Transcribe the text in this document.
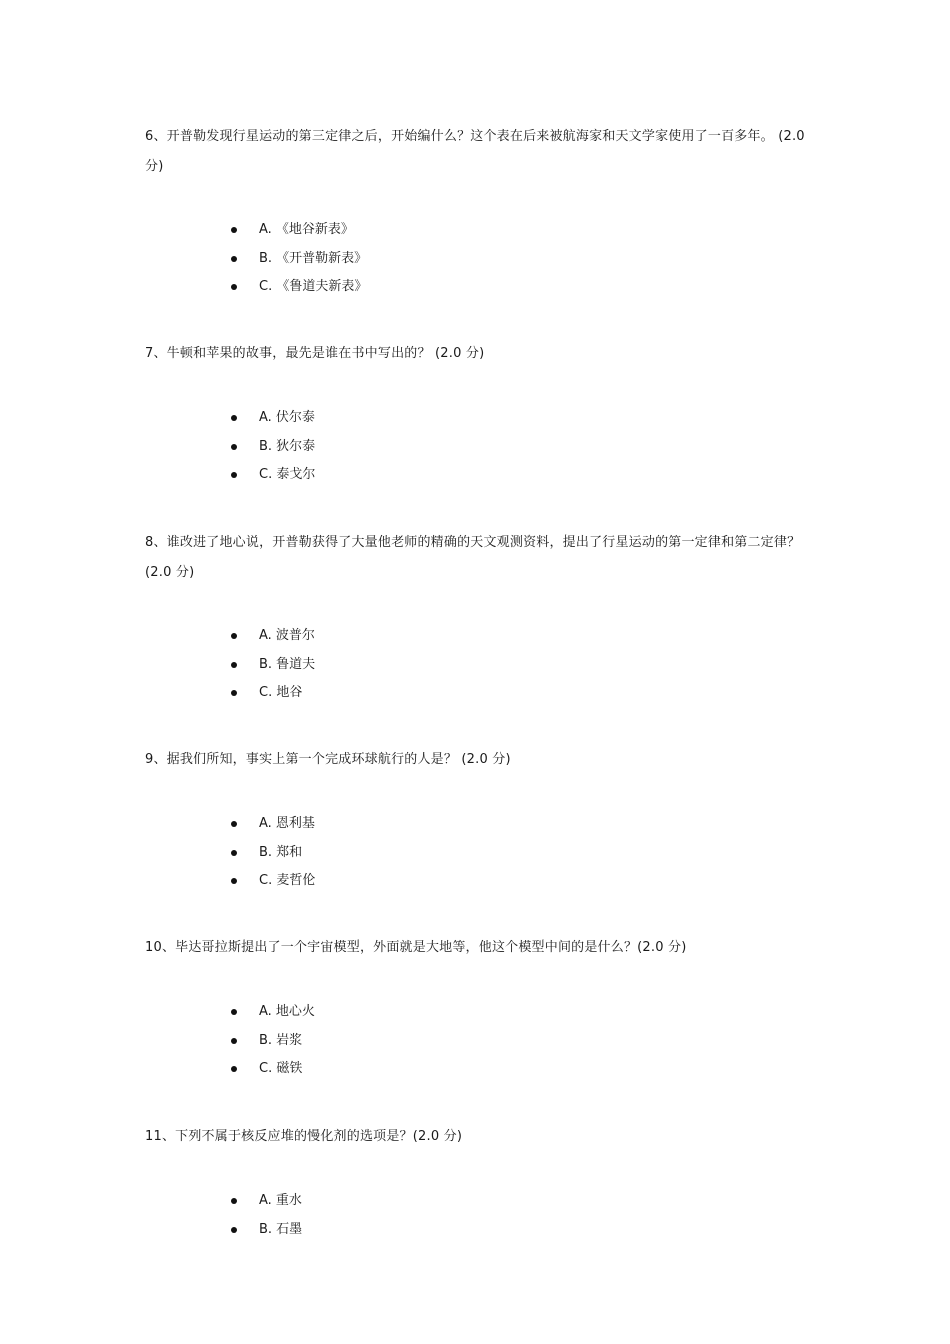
6、开普勒发现行星运动的第三定律之后，开始编什么？这个表在后来被航海家和天文学家使用了一百多年。 (2.0 分)

A. 《地谷新表》
B. 《开普勒新表》
C. 《鲁道夫新表》

7、牛顿和苹果的故事，最先是谁在书中写出的？ (2.0 分)

A. 伏尔泰
B. 狄尔泰
C. 泰戈尔

8、谁改进了地心说，开普勒获得了大量他老师的精确的天文观测资料，提出了行星运动的第一定律和第二定律？ (2.0 分)

A. 波普尔
B. 鲁道夫
C. 地谷

9、据我们所知，事实上第一个完成环球航行的人是？ (2.0 分)

A. 恩利基
B. 郑和
C. 麦哲伦

10、毕达哥拉斯提出了一个宇宙模型，外面就是大地等，他这个模型中间的是什么？(2.0 分)

A. 地心火
B. 岩浆
C. 磁铁

11、下列不属于核反应堆的慢化剂的选项是？(2.0 分)

A. 重水
B. 石墨
